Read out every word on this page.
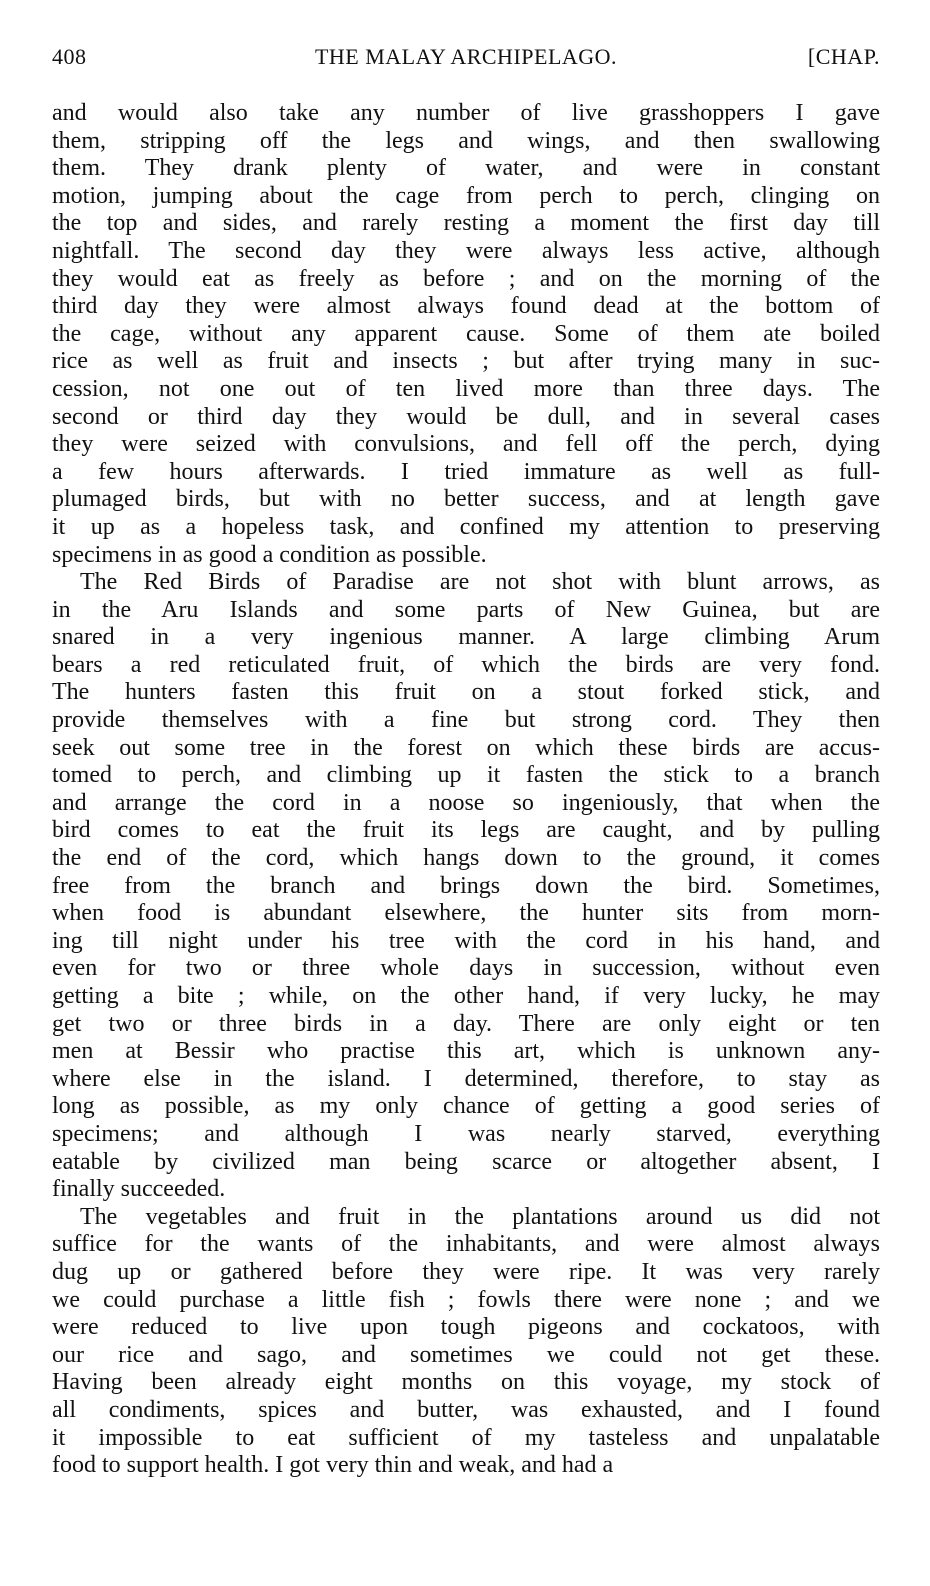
408	THE MALAY ARCHIPELAGO.	[CHAP.
and would also take any number of live grasshoppers I gave
them, stripping off the legs and wings, and then swallowing
them. They drank plenty of water, and were in constant
motion, jumping about the cage from perch to perch, clinging on
the top and sides, and rarely resting a moment the first day till
nightfall. The second day they were always less active, although
they would eat as freely as before ; and on the morning of the
third day they were almost always found dead at the bottom of
the cage, without any apparent cause. Some of them ate boiled
rice as well as fruit and insects ; but after trying many in suc-
cession, not one out of ten lived more than three days. The
second or third day they would be dull, and in several cases
they were seized with convulsions, and fell off the perch, dying
a few hours afterwards. I tried immature as well as full-
plumaged birds, but with no better success, and at length gave
it up as a hopeless task, and confined my attention to preserving
specimens in as good a condition as possible.
The Red Birds of Paradise are not shot with blunt arrows, as
in the Aru Islands and some parts of New Guinea, but are
snared in a very ingenious manner. A large climbing Arum
bears a red reticulated fruit, of which the birds are very fond.
The hunters fasten this fruit on a stout forked stick, and
provide themselves with a fine but strong cord. They then
seek out some tree in the forest on which these birds are accus-
tomed to perch, and climbing up it fasten the stick to a branch
and arrange the cord in a noose so ingeniously, that when the
bird comes to eat the fruit its legs are caught, and by pulling
the end of the cord, which hangs down to the ground, it comes
free from the branch and brings down the bird. Sometimes,
when food is abundant elsewhere, the hunter sits from morn-
ing till night under his tree with the cord in his hand, and
even for two or three whole days in succession, without even
getting a bite ; while, on the other hand, if very lucky, he may
get two or three birds in a day. There are only eight or ten
men at Bessir who practise this art, which is unknown any-
where else in the island. I determined, therefore, to stay as
long as possible, as my only chance of getting a good series of
specimens; and although I was nearly starved, everything
eatable by civilized man being scarce or altogether absent, I
finally succeeded.
The vegetables and fruit in the plantations around us did not
suffice for the wants of the inhabitants, and were almost always
dug up or gathered before they were ripe. It was very rarely
we could purchase a little fish ; fowls there were none ; and we
were reduced to live upon tough pigeons and cockatoos, with
our rice and sago, and sometimes we could not get these.
Having been already eight months on this voyage, my stock of
all condiments, spices and butter, was exhausted, and I found
it impossible to eat sufficient of my tasteless and unpalatable
food to support health. I got very thin and weak, and had a
